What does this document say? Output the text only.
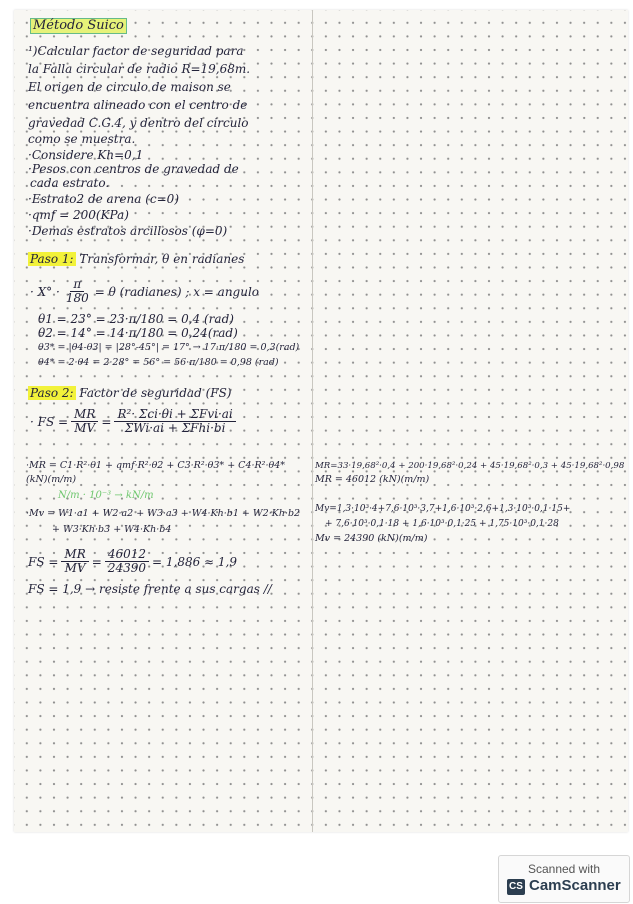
Método Suico
¹)Calcular factor de seguridad para
la Falla circular de radio R=19,68m.
El origen de circulo de maison se
encuentra alineado con el centro de
gravedad C.G.4, y dentro del circulo
como se muestra.
·Considere Kh=0,1
·Pesos con centros de gravedad de
cada estrato.
·Estrato2 de arena (c=0)
·qmf = 200(KPa)
·Demas estratos arcillosos (φ=0)
Paso 1: Transformar, θ en radianes
· $X^\circ \cdot \frac{\pi}{180} = \theta$ (radianes) ; x = angulo
θ1 = 23° = 23·π/180 = 0,4 (rad)
θ2 = 14° = 14·π/180 = 0,24(rad)
θ3* = |θ4-θ3| = |28°-45°| = 17° → 17·π/180 = 0,3(rad)
θ4* = 2·θ4 = 2·28° = 56° = 56·π/180 = 0,98 (rad)
Paso 2: Factor de seguridad (FS)
· FS = $\frac{MR}{MV} = \frac{\text{R²· Σci·θi + ΣFvi·ai}}{\text{ΣWi·ai + ΣFhi·bi}}$
·MR = C1·R²·θ1 + qmf·R²·θ2 + C3·R²·θ3* + C4·R²·θ4*
(kN)(m/m)
N/m · 10⁻³ → kN/m
·Mv = W1·a1 + W2·a2 + W3·a3 + W4·Kh·b1 + W2·Kh·b2
+ W3·Kh·b3 + W4·Kh·b4
FS = $\frac{MR}{MV} = \frac{46012}{24390} = 1,886 \approx 1,9$
FS = 1,9 → resiste frente a sus cargas //
MR=33·19,68²·0,4 + 200·19,68²·0,24 + 45·19,68²·0,3 + 45·19,68²·0,98
MR = 46012 (kN)(m/m)
Mv=1,3·10³·4+7,6·10³·3,7+1,6·10³·2,6+1,3·10³·0,1·15+
+ 7,6·10³·0,1·18 + 1,6·10³·0,1·25 + 1,75·10³·0,1·28
Mv = 24390 (kN)(m/m)
Scanned with
CS CamScanner
